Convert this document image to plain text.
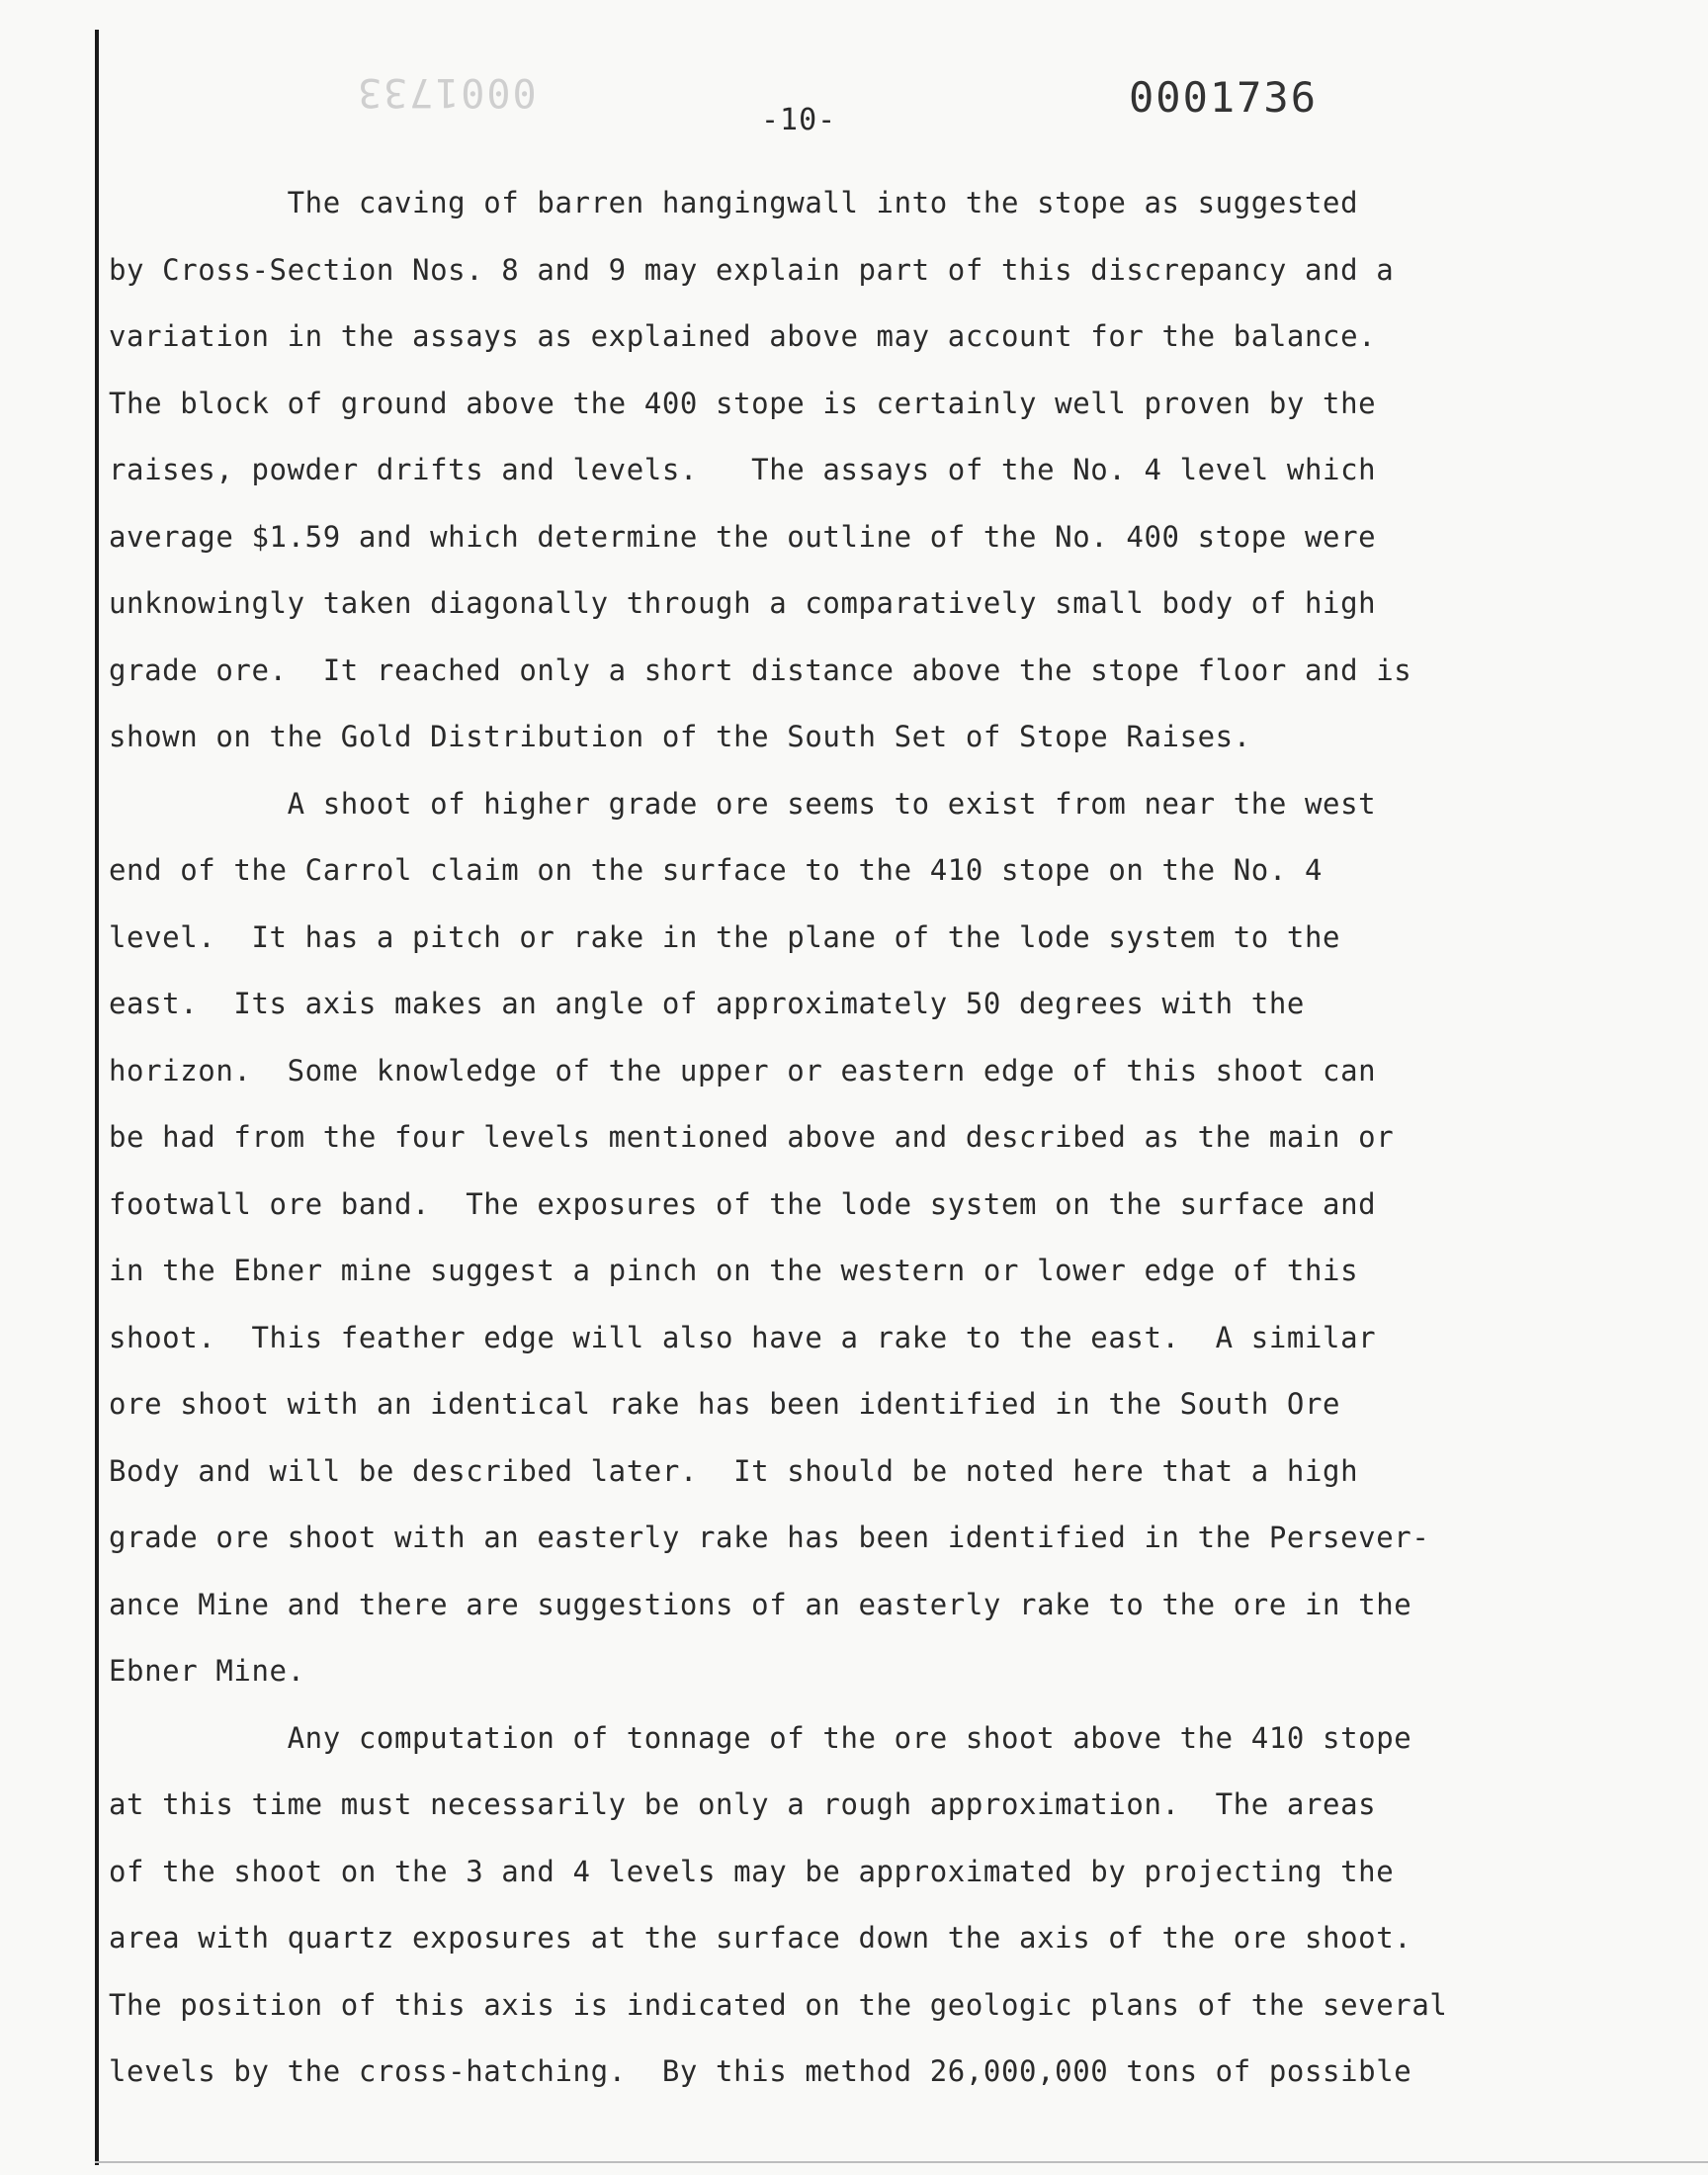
0001733
-10-	0001736
The caving of barren hangingwall into the stope as suggested
by Cross-Section Nos. 8 and 9 may explain part of this discrepancy and a
variation in the assays as explained above may account for the balance.
The block of ground above the 400 stope is certainly well proven by the
raises, powder drifts and levels.   The assays of the No. 4 level which
average $1.59 and which determine the outline of the No. 400 stope were
unknowingly taken diagonally through a comparatively small body of high
grade ore.  It reached only a short distance above the stope floor and is
shown on the Gold Distribution of the South Set of Stope Raises.
A shoot of higher grade ore seems to exist from near the west
end of the Carrol claim on the surface to the 410 stope on the No. 4
level.  It has a pitch or rake in the plane of the lode system to the
east.  Its axis makes an angle of approximately 50 degrees with the
horizon.  Some knowledge of the upper or eastern edge of this shoot can
be had from the four levels mentioned above and described as the main or
footwall ore band.  The exposures of the lode system on the surface and
in the Ebner mine suggest a pinch on the western or lower edge of this
shoot.  This feather edge will also have a rake to the east.  A similar
ore shoot with an identical rake has been identified in the South Ore
Body and will be described later.  It should be noted here that a high
grade ore shoot with an easterly rake has been identified in the Persever-
ance Mine and there are suggestions of an easterly rake to the ore in the
Ebner Mine.
Any computation of tonnage of the ore shoot above the 410 stope
at this time must necessarily be only a rough approximation.  The areas
of the shoot on the 3 and 4 levels may be approximated by projecting the
area with quartz exposures at the surface down the axis of the ore shoot.
The position of this axis is indicated on the geologic plans of the several
levels by the cross-hatching.  By this method 26,000,000 tons of possible
